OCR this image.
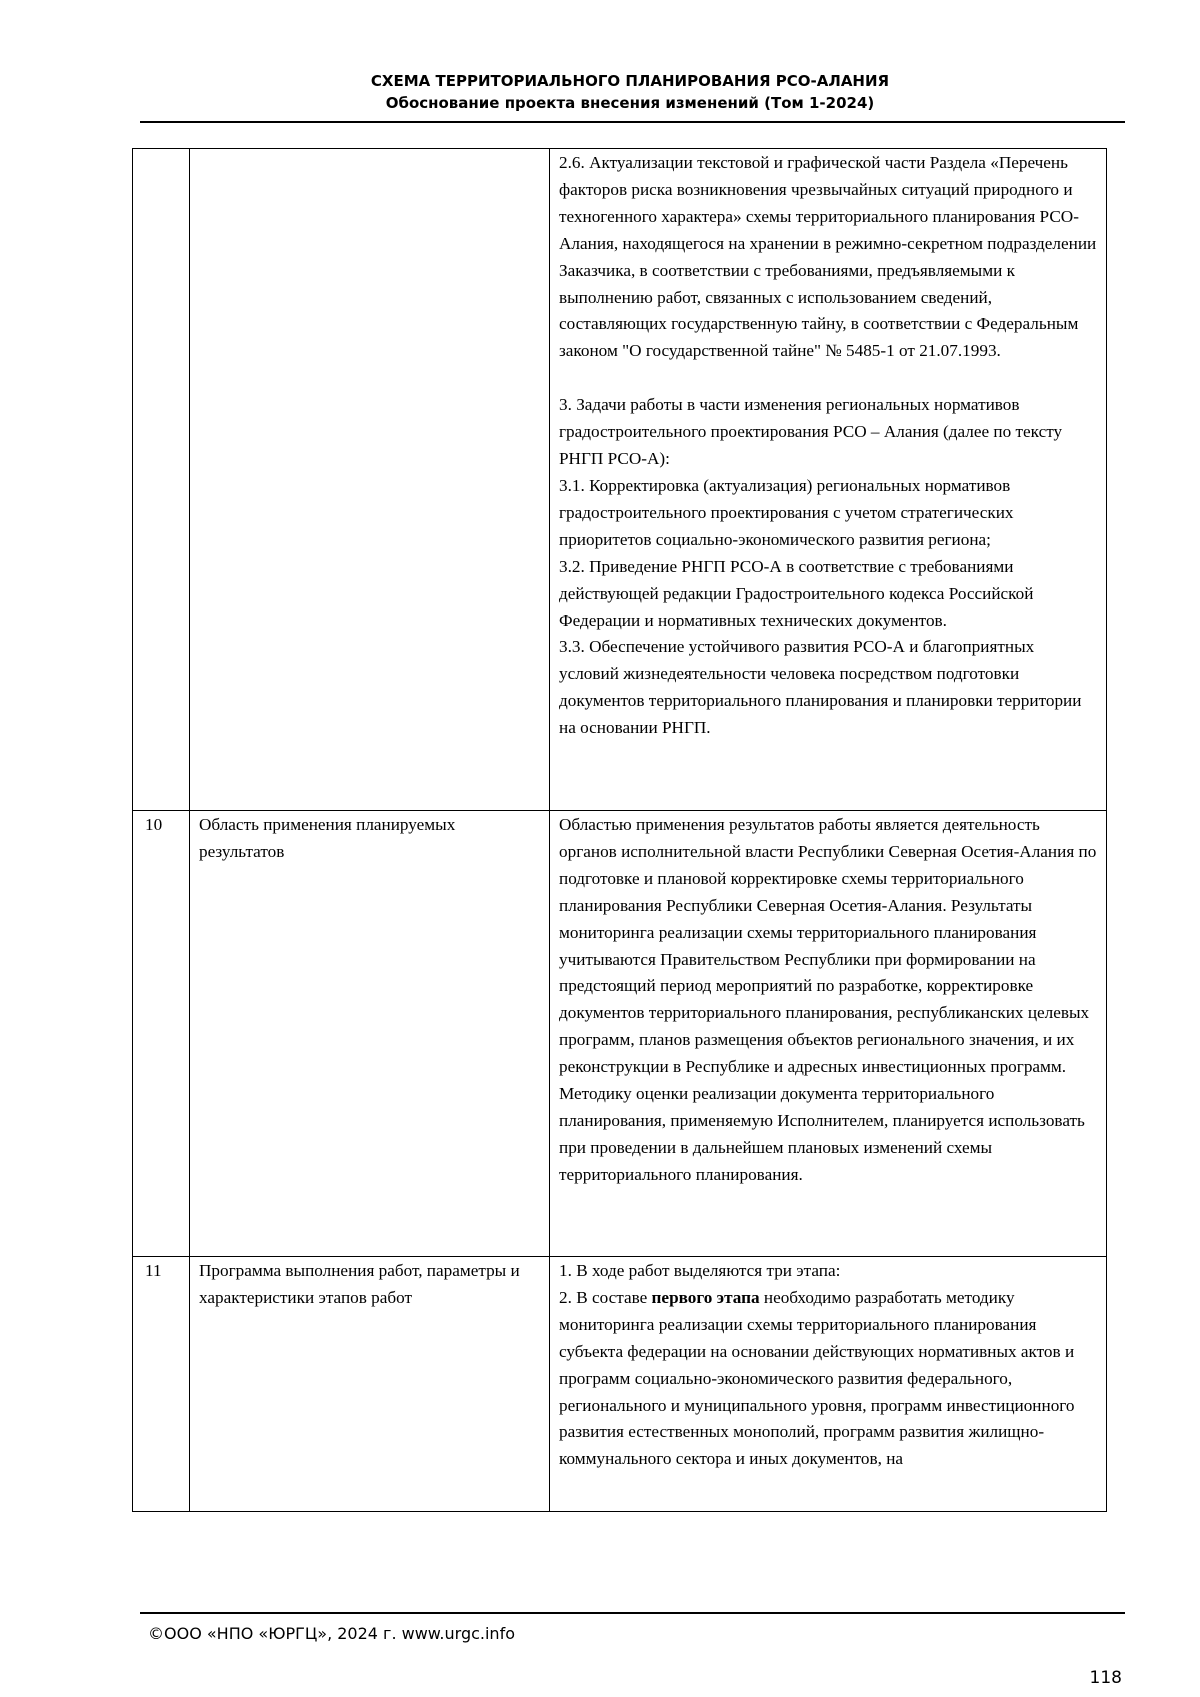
СХЕМА ТЕРРИТОРИАЛЬНОГО ПЛАНИРОВАНИЯ РСО-АЛАНИЯ
Обоснование проекта внесения изменений (Том 1-2024)

		2.6. Актуализации текстовой и графической части Раздела «Перечень факторов риска возникновения чрезвычайных ситуаций природного и техногенного характера» схемы территориального планирования РСО-Алания, находящегося на хранении в режимно-секретном подразделении Заказчика, в соответствии с требованиями, предъявляемыми к выполнению работ, связанных с использованием сведений, составляющих государственную тайну, в соответствии с Федеральным законом "О государственной тайне" № 5485-1 от 21.07.1993.
3. Задачи работы в части изменения региональных нормативов градостроительного проектирования РСО – Алания (далее по тексту РНГП РСО-А):
3.1. Корректировка (актуализация) региональных нормативов градостроительного проектирования с учетом стратегических приоритетов социально-экономического развития региона;
3.2. Приведение РНГП РСО-А в соответствие с требованиями действующей редакции Градостроительного кодекса Российской Федерации и нормативных технических документов.
3.3. Обеспечение устойчивого развития РСО-А и благоприятных условий жизнедеятельности человека посредством подготовки документов территориального планирования и планировки территории на основании РНГП.

10	Область применения планируемых результатов	Областью применения результатов работы является деятельность органов исполнительной власти Республики Северная Осетия-Алания по подготовке и плановой корректировке схемы территориального планирования Республики Северная Осетия-Алания. Результаты мониторинга реализации схемы территориального планирования учитываются Правительством Республики при формировании на предстоящий период мероприятий по разработке, корректировке документов территориального планирования, республиканских целевых программ, планов размещения объектов регионального значения, и их реконструкции в Республике и адресных инвестиционных программ. Методику оценки реализации документа территориального планирования, применяемую Исполнителем, планируется использовать при проведении в дальнейшем плановых изменений схемы территориального планирования.

11	Программа выполнения работ, параметры и характеристики этапов работ	1. В ходе работ выделяются три этапа:
2. В составе первого этапа необходимо разработать методику мониторинга реализации схемы территориального планирования субъекта федерации на основании действующих нормативных актов и программ социально-экономического развития федерального, регионального и муниципального уровня, программ инвестиционного развития естественных монополий, программ развития жилищно-коммунального сектора и иных документов, на
©ООО «НПО «ЮРГЦ», 2024 г. www.urgc.info
118
